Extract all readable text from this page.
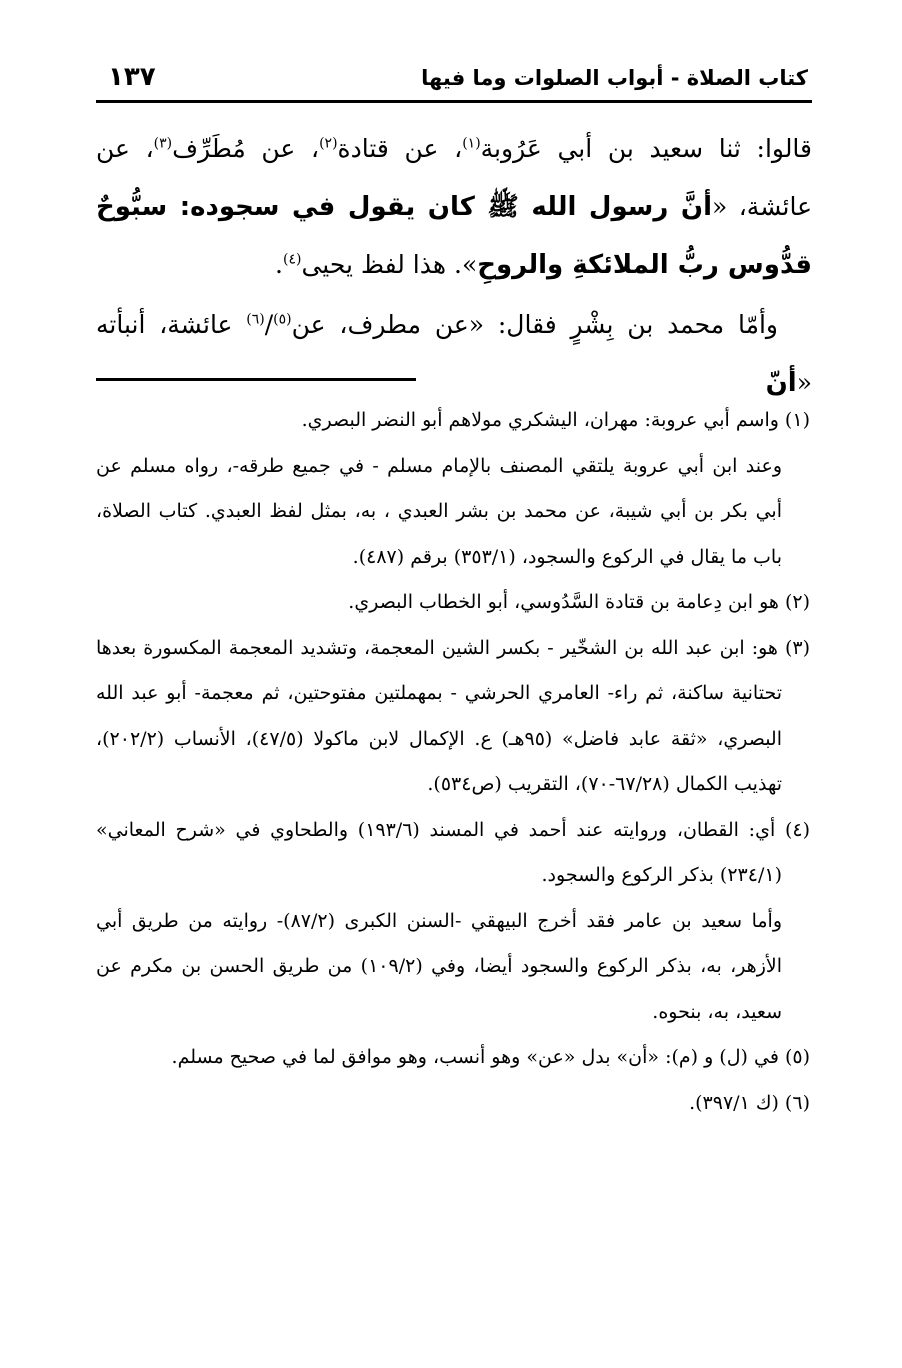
١٣٧	كتاب الصلاة - أبواب الصلوات وما فيها

قالوا: ثنا سعيد بن أبي عَرُوبة$^{(١)}$، عن قتادة$^{(٢)}$، عن مُطَرِّف$^{(٣)}$، عن عائشة، «أنَّ رسول الله ﷺ كان يقول في سجوده: سبُّوحٌ قدُّوس ربُّ الملائكةِ والروحِ». هذا لفظ يحيى$^{(٤)}$.

وأمّا محمد بن بِشْرٍ فقال: «عن مطرف، عن$^{(٥)}$/$^{(٦)}$ عائشة، أنبأته «أنّ

(١) واسم أبي عروبة: مهران، اليشكري مولاهم أبو النضر البصري.

وعند ابن أبي عروبة يلتقي المصنف بالإمام مسلم - في جميع طرقه-، رواه مسلم عن أبي بكر بن أبي شيبة، عن محمد بن بشر العبدي ، به، بمثل لفظ العبدي. كتاب الصلاة، باب ما يقال في الركوع والسجود، (٣٥٣/١) برقم (٤٨٧).

(٢) هو ابن دِعامة بن قتادة السَّدُوسي، أبو الخطاب البصري.

(٣) هو: ابن عبد الله بن الشخّير - بكسر الشين المعجمة، وتشديد المعجمة المكسورة بعدها تحتانية ساكنة، ثم راء- العامري الحرشي - بمهملتين مفتوحتين، ثم معجمة- أبو عبد الله البصري، «ثقة عابد فاضل» (٩٥هـ) ع. الإكمال لابن ماكولا (٤٧/٥)، الأنساب (٢٠٢/٢)، تهذيب الكمال (٦٧/٢٨-٧٠)، التقريب (ص٥٣٤).

(٤) أي: القطان، وروايته عند أحمد في المسند (١٩٣/٦) والطحاوي في «شرح المعاني» (٢٣٤/١) بذكر الركوع والسجود.

وأما سعيد بن عامر فقد أخرج البيهقي -السنن الكبرى (٨٧/٢)- روايته من طريق أبي الأزهر، به، بذكر الركوع والسجود أيضا، وفي (١٠٩/٢) من طريق الحسن بن مكرم عن سعيد، به، بنحوه.

(٥) في (ل) و (م): «أن» بدل «عن» وهو أنسب، وهو موافق لما في صحيح مسلم.

(٦) (ك ٣٩٧/١).
